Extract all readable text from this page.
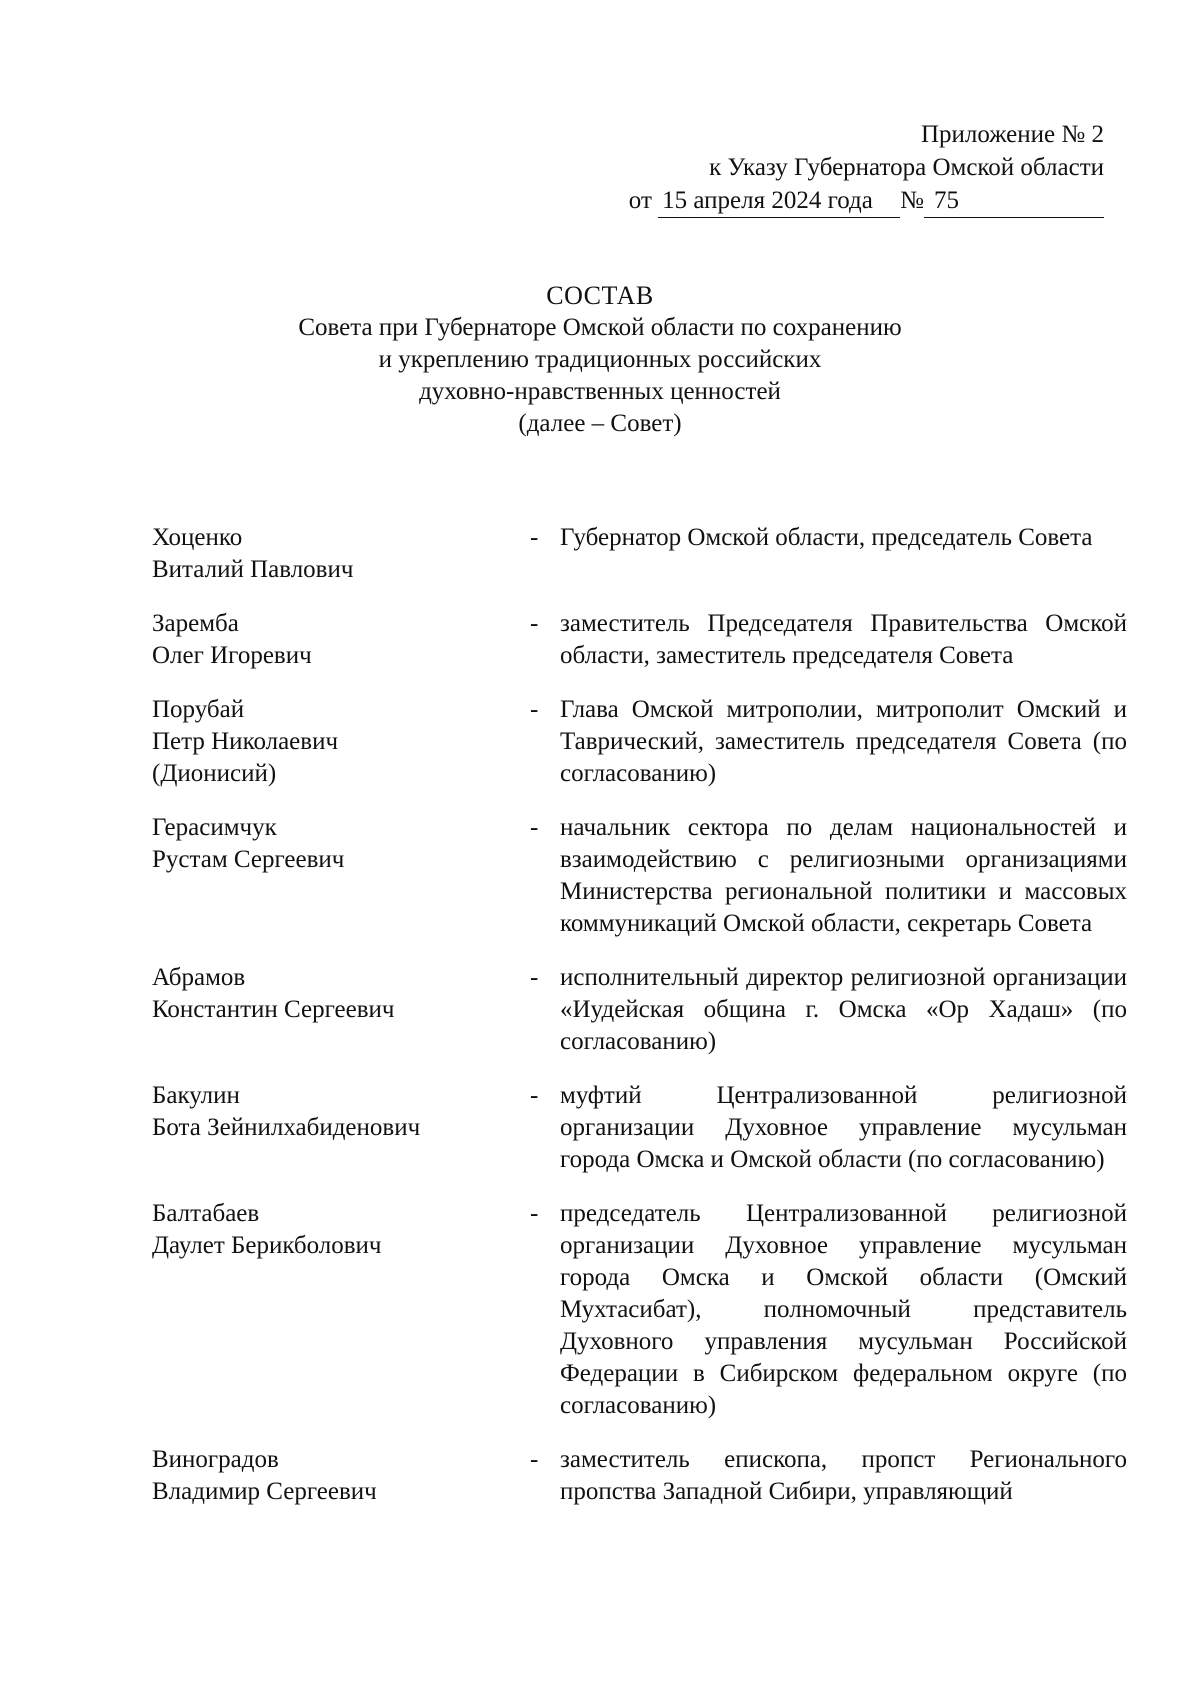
Приложение № 2
к Указу Губернатора Омской области
от 15 апреля 2024 года № 75
СОСТАВ
Совета при Губернаторе Омской области по сохранению
и укреплению традиционных российских
духовно-нравственных ценностей
(далее – Совет)
Хоценко
Виталий Павлович
- Губернатор Омской области, председатель Совета
Заремба
Олег Игоревич
- заместитель Председателя Правительства Омской области, заместитель председателя Совета
Порубай
Петр Николаевич
(Дионисий)
- Глава Омской митрополии, митрополит Омский и Таврический, заместитель председателя Совета (по согласованию)
Герасимчук
Рустам Сергеевич
- начальник сектора по делам национальностей и взаимодействию с религиозными организациями Министерства региональной политики и массовых коммуникаций Омской области, секретарь Совета
Абрамов
Константин Сергеевич
- исполнительный директор религиозной организации «Иудейская община г. Омска «Ор Хадаш» (по согласованию)
Бакулин
Бота Зейнилхабиденович
- муфтий Централизованной религиозной организации Духовное управление мусульман города Омска и Омской области (по согласованию)
Балтабаев
Даулет Берикболович
- председатель Централизованной религиозной организации Духовное управление мусульман города Омска и Омской области (Омский Мухтасибат), полномочный представитель Духовного управления мусульман Российской Федерации в Сибирском федеральном округе (по согласованию)
Виноградов
Владимир Сергеевич
- заместитель епископа, пропст Регионального пропства Западной Сибири, управляющий
